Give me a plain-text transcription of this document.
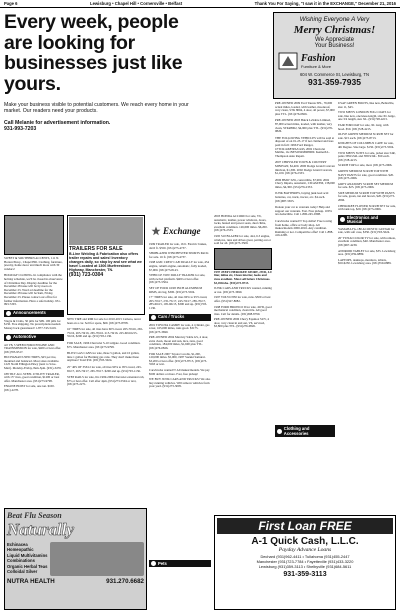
Page 6	Lewisburg • Chapel Hill • Cornersville • Belfast	Thank You For Saying, "I saw it in the EXCHANGE," December 21, 2016
Every week, people are looking for businesses just like yours.
Make your business visible to potential customers. We reach every home in your market. Our readers need your products.
Call Melanie for advertisement information.
931-993-7203
Wishing Everyone A Very
Merry Christmas!
We Appreciate
Your Business!
Fashion
Furniture & More
604 W. Commerce St, Lewisburg, TN
931-359-7935
Exchange
SWEET & SOUTHERN ACCENTS, 111 N. Horton Pkwy., Chapel Hill. Clothing, furniture, jewelry, home decor and much more with 30 vendors!
HOLIDAY CLOSING. In compliance with the holiday schedule, we'll be closed in observance of Christmas Day. Display deadline for the December 28 issue will be by noon on December 23. Word ad deadline for the December 28 issue will be 9am, Friday, December 23. Please contact our office for further information. Have a safe holiday. 931-993-7203.
Announcements
Viagra & Cialis, 50 pills for $99. 100 pills for $150. Free shipping. No prescriptions needed. Money back guaranteed! 1-877-743-5419.
Automotive
4.0 V8, 5 SPEED FORD ENGINE AND TRANSMISSION for sale, $400 or best offer. (931)703-9517.
BUCHANAN USED TIRES, $25 per tire, mounted and balanced. Most sizes available. 1225 North Ellington Pkwy (next to Save-Mart). Monday-Friday, 8am-5pm. (931)-3470.
188 TILT ALL STEEL UTILITY TRAILER, with 15" tires, good condition, $1200 or best offer. Manchester area. (931)273-9798.
ENGINE HOIST for sale, one ton. $100. (931)-2278.
TRAILERS FOR SALE
B-Line Welding & Fabrication also offers trailer repairs and sales! Inventory changes daily, so stop by and see what we have! Located at 1306 Murfreesboro Highway, Manchester, TN.
(931) 723-0304
NEW TIRE and RIM for sale for 2010-2015 Camaro, never been on a car. Sell for spare, $60. (931)273-8708.
16" TIRES for sale, all tires have 60% tread. 265-70r16, 265-75r16, 265-70r16, 265-70r16. 215-70r16. 225-60r16215-55r16, $200 and up. (931)703-1136.
FOR SALE, 1996 Chevrolet S-10 tailgate. Good condition. $75. Manchester area. (931)273-9798.
BLITZ GAS CANS for sale, three 5 gallon, and 10 gallon, nine 1 gallon for Burning gas cans. They don't make these anymore! Total $50. (931)703-5024.
25" 40S OF 35X12 for sale, all tires 90% to 95% tread, 245-65r17, 265-70r17, 265-70r17. $200 and up. (931)703-1136.
STEP RAILS for sale, fits 1999-2006 Chevrolet extended cab, $75 or best offer. Call after 4pm, (931)273-5504 or text, (931)273-2271.
1999 TRAILER for sale, 16 ft. Electric brakes, 4x10 ft. $550. (931)273-4737.
SHOBLAZER WINCHESTER SPORTS PACK for sale. 16 ft. (931)273-4737.
1998 GMC CREW CAB DUALLY for sale, 454 engine, rebuilt engine, automatic, fully loaded, $7,900. (931)273-8143.
VEHICLE TOW DOLLY TRAILER for sale, with swivel platform. $400 or best offer. (931)273-5504.
SET OF FOUR 16X8 INCH ALUMINUM RIMS, six lug, $300. (931)273-5504.
17" TIRES for sale, all tires 90% to 95% tread, 265-70r17, 235-75r17, 245-70r17, 285-70r17, 285-66r15, 195-60r15, $300 and up. (931)703-1136.
Cars / Trucks
2001 TOYOTA CAMRY for sale, 4 cylinder, gas saver, 165,000 miles, runs good. $3175. (931)273-3690.
PRE-OWNED 2004 Mercury Sable GS, 4 door, extra clean, moon and sun, nice, runs, good condition, 184,000 miles, $1,600 plus TTL. (931)276-0826.
FOR SALE 2007 Toyota Corolla, $1,200, 120,000 miles. $5,000, 1987 Suzuki Samurai. $3,200 or best offer. (931)273-8713, (931)273-5563 or text.
Cars/trucks wanted!!! All makes/models. We pay $500 dollars or more. Fast, free pickup!
WE BUY JUNK CARS AND TRUCKS! We also buy running vehicles. Will remove vehicles from your yard. (931)273-3005.
2003 HONDA ACCORD for sale, V6, automatic, leather, power windows, doors, locks, heated and power seats, dual clima, excellent condition. 126,000 miles. $6,200. (931)276-2333.
1995 S10 BLAZER for sale, 4x4, 6.3 engine, windows, runs and drives great, parting out or sold for all. (931)273-3509.
1997 JEEP CHEROKEE SPORT, 2WD, 4.0 liter, inline six, Clean interior, looks and runs excellent. Must sell before Christmas. $3,450/obo. (931)273-8713.
JUNK CARS AND TRUCKS wanted, running or not. (931)273-3690.
1997 VOLVO 850 for sale, runs. $500 or best offer. (931)327-8082.
1998 FORD BRONCO II for sale, 4WD, good mechanical condition, clean title. All good tires. Call for details. (931)308-8790.
PRE-OWNED 2006 Chevy Equinox SUV, 4 door, very clean in and out, V6, serviced, $3,800 plus TTL. (931)276-0826.
PRE-OWNED 2009 Ford Taurus SEL, 76,000 actual miles, loaded, with leather, moonroof, very clean, STK 8094, 4 door, all power, $7,900 plus TTL. (931)276-0826.
PRE-OWNED 2003 Buick LeSabre Limited, 87,000 actual miles, loaded, with leather, very clean, STK#8062, $4,900 plus TTL. (931)276-0826.
THE FOLLOWING VEHICLES will be sold at disposal of on 01-23-17 if not claimed and fees paid in full: 1996 Ford Ranger, 1FTCR14X8TPA31243, 2002 Chevrolet Malibu, 1G1NE52J92M608000. Kenneth L. Thompson Auto Repair.
2007 CHRYSLER TOWN & COUNTRY MINIVAN, $2,400. 2000 Dodge Grand Caravan minivan, $1,300. 2002 Dodge Grand Caravan, $1,100. (931)276-2333.
2006 BMW 325i, convertible, $7,900. 2002 Chevy Impala, automatic, CD/AM/FM, 138,000 miles, $4,300. (931)276-2333.
JUNK BATTERIES, buying junk lead acid batteries, car, truck, tractor, etc. $4 each. (931)687-5655.
Donate your car to veterans today! Help and support our veterans. Fast. Free pickup. 100% tax deductible. Call 1-800-245-0398.
Cars/trucks wanted!!! Top dollar! Free towing from home, office or body shop. All makes/models 2000-2016. Any condition. Running or not. Competitive offer! Call 1-888-416-2208.
USAF GREEN BOOTS, like new, Belleville, size 11, $45.
TWO MEN'S LONDON FOG COATS for sale, like new, one knee-length, size XL beige, one 3/4 length, size XL. (931)728-4215.
FAIR FORCOAT for sale, XL long, with hood. $50. (931)728-4215.
OLIVE GREEN MEDIUM SCRUB SET for sale. $15 each. (931)273-8713.
KNIGHTS OF COLUMBUS CAPE for sale, 4th Degree. Size large. $150. (931)273-5504.
TWO MEN'S SUITS for sale, jacket size 54R, pants 36Wx34L and 38Wx34L. $50 each. (931)728-4215.
SCRUB TOP for sale, med. (931)273-2066.
GREEN MEDIUM SCRUB TOP WITH NAVY PANTS for sale, good condition. $20. (931)273-2066.
GREY ANATOMY SCRUB SET MEDIUM for sale. $25. (931)273-2066.
SIZE MEDIUM SCRUB TOP WITH PANTS for sale, green, tan and brown, $20. (931)273-2066.
CHEROKEE FLOWER SCRUB SET for sale, with tank top, $20. (931)273-2066.
Electronics and Musical
YAMAHA FG-180 ACOUSTIC GUITAR for sale, with soft case, $350. (931)703-5024.
26" FUNAI COLOR TV for sale, with remote, excellent condition, $40. Manchester area. (931)967-4239.
ANDROID TABLET for sale, $35. Lewisburg area. (931)359-6889.
LAPTOPS, desktops, monitors, tablets, $50-$250. Lewisburg area. (931)359-6889.
Clothing and Accessories
Beat Flu Season
Naturally
Echinacea
Homeopathic
Liquid Multivitamins
Combinations
Organic Herbal Teas
Colloidal Silver
NUTRA HEALTH	931.270.6682
First Loan FREE
A-1 Quick Cash, L.L.C.
Payday Advance Loans
Dechard (931)962-4411 • Tullahoma (931)455-2447
Manchester (931)723-7784 • Fayetteville (931)433-3220
Lewisburg (931)359-3113 • Shelbyville (931)684-5611
931-359-3113
Pets
